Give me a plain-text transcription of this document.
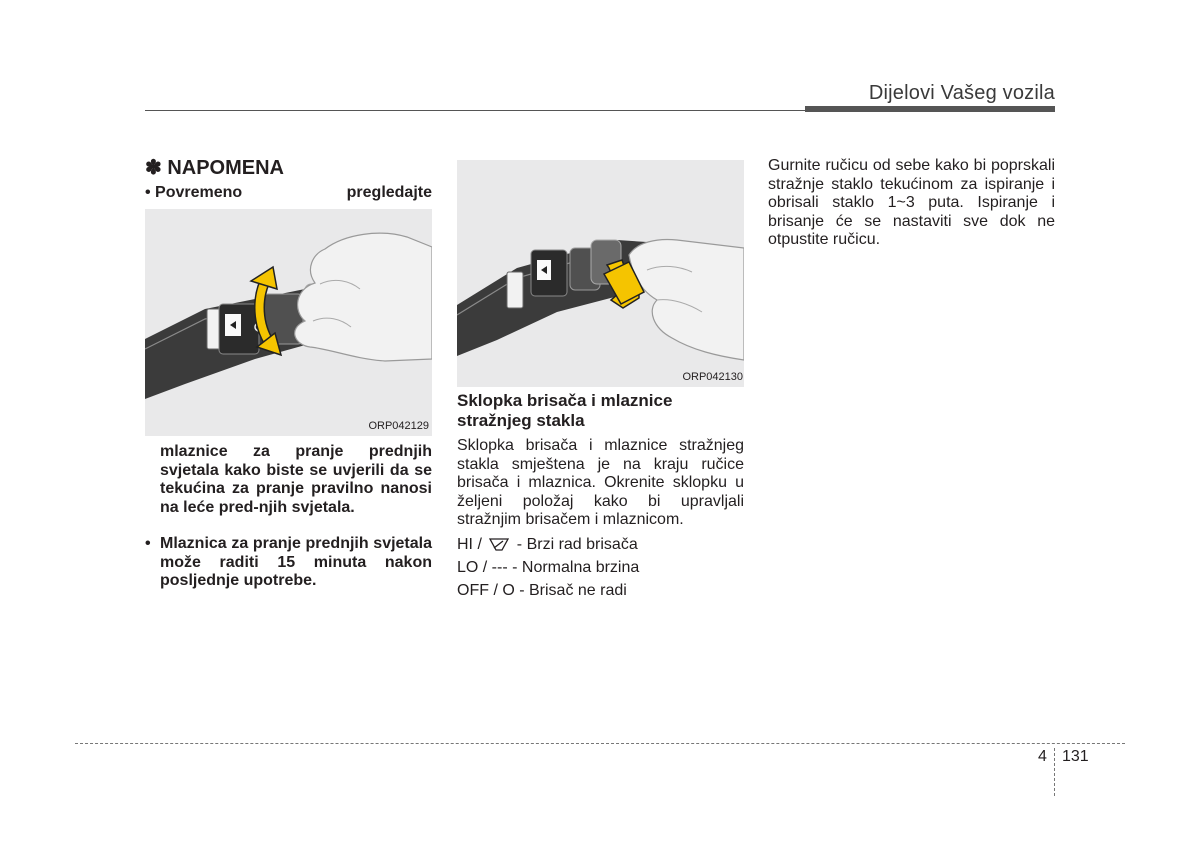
Dijelovi Vašeg vozila
✽ NAPOMENA
• Povremeno	pregledajte
ORP042129
mlaznice za pranje prednjih svjetala kako biste se uvjerili da se tekućina za pranje pravilno nanosi na leće pred-njih svjetala.
• Mlaznica za pranje prednjih svjetala može raditi 15 minuta nakon posljednje upotrebe.
ORP042130
Sklopka brisača i mlaznice stražnjeg stakla
Sklopka brisača i mlaznice stražnjeg stakla smještena je na kraju ručice brisača i mlaznica. Okrenite sklopku u željeni položaj kako bi upravljali stražnjim brisačem i mlaznicom.
HI / - Brzi rad brisača
LO / --- - Normalna brzina
OFF / O - Brisač ne radi
Gurnite ručicu od sebe kako bi poprskali stražnje staklo tekućinom za ispiranje i obrisali staklo 1~3 puta. Ispiranje i brisanje će se nastaviti sve dok ne otpustite ručicu.
4 131
